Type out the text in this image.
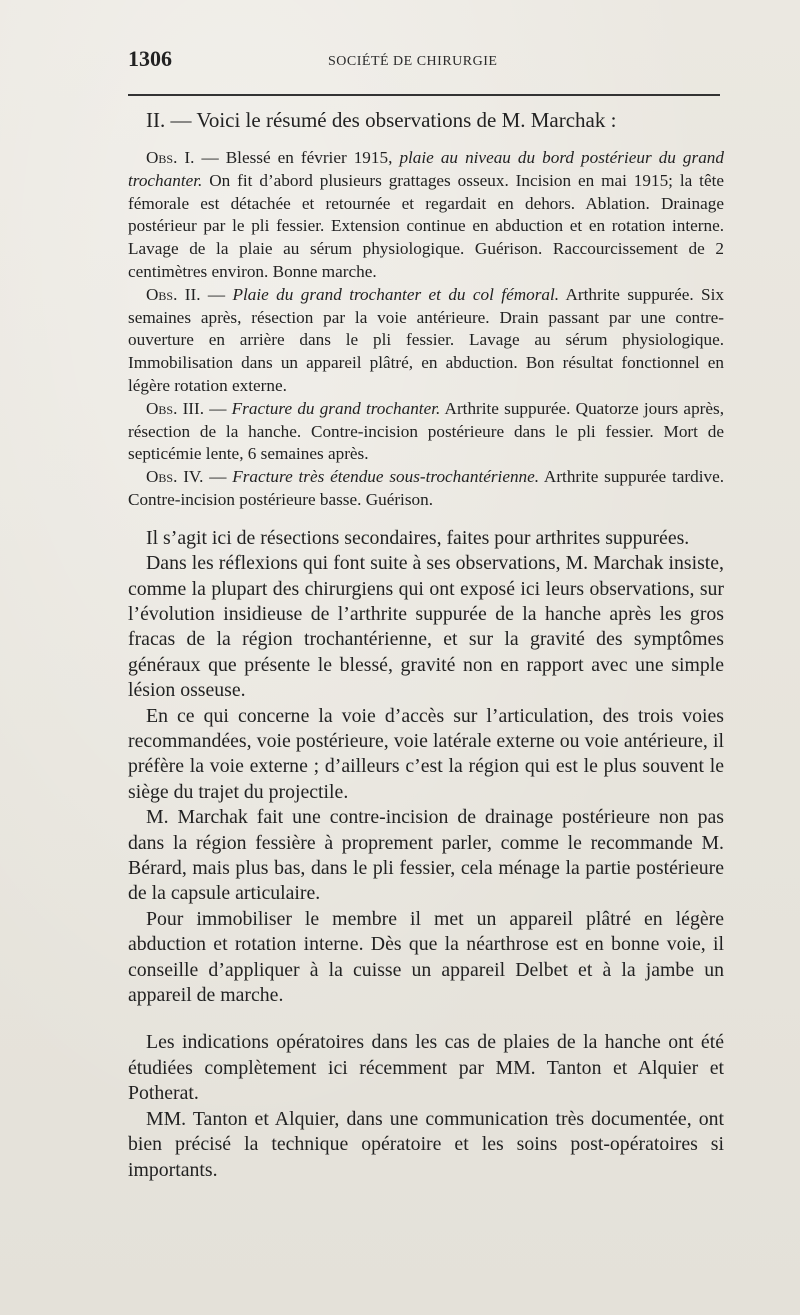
1306	SOCIÉTÉ DE CHIRURGIE

II. — Voici le résumé des observations de M. Marchak :

Obs. I. — Blessé en février 1915, plaie au niveau du bord postérieur du grand trochanter. On fit d’abord plusieurs grattages osseux. Incision en mai 1915; la tête fémorale est détachée et retournée et regardait en dehors. Ablation. Drainage postérieur par le pli fessier. Extension continue en abduction et en rotation interne. Lavage de la plaie au sérum physiologique. Guérison. Raccourcissement de 2 centimètres environ. Bonne marche.

Obs. II. — Plaie du grand trochanter et du col fémoral. Arthrite suppurée. Six semaines après, résection par la voie antérieure. Drain passant par une contre-ouverture en arrière dans le pli fessier. Lavage au sérum physiologique. Immobilisation dans un appareil plâtré, en abduction. Bon résultat fonctionnel en légère rotation externe.

Obs. III. — Fracture du grand trochanter. Arthrite suppurée. Quatorze jours après, résection de la hanche. Contre-incision postérieure dans le pli fessier. Mort de septicémie lente, 6 semaines après.

Obs. IV. — Fracture très étendue sous-trochantérienne. Arthrite suppurée tardive. Contre-incision postérieure basse. Guérison.

Il s’agit ici de résections secondaires, faites pour arthrites suppurées.

Dans les réflexions qui font suite à ses observations, M. Marchak insiste, comme la plupart des chirurgiens qui ont exposé ici leurs observations, sur l’évolution insidieuse de l’arthrite suppurée de la hanche après les gros fracas de la région trochantérienne, et sur la gravité des symptômes généraux que présente le blessé, gravité non en rapport avec une simple lésion osseuse.

En ce qui concerne la voie d’accès sur l’articulation, des trois voies recommandées, voie postérieure, voie latérale externe ou voie antérieure, il préfère la voie externe ; d’ailleurs c’est la région qui est le plus souvent le siège du trajet du projectile.

M. Marchak fait une contre-incision de drainage postérieure non pas dans la région fessière à proprement parler, comme le recommande M. Bérard, mais plus bas, dans le pli fessier, cela ménage la partie postérieure de la capsule articulaire.

Pour immobiliser le membre il met un appareil plâtré en légère abduction et rotation interne. Dès que la néarthrose est en bonne voie, il conseille d’appliquer à la cuisse un appareil Delbet et à la jambe un appareil de marche.

Les indications opératoires dans les cas de plaies de la hanche ont été étudiées complètement ici récemment par MM. Tanton et Alquier et Potherat.

MM. Tanton et Alquier, dans une communication très documentée, ont bien précisé la technique opératoire et les soins post-opératoires si importants.
